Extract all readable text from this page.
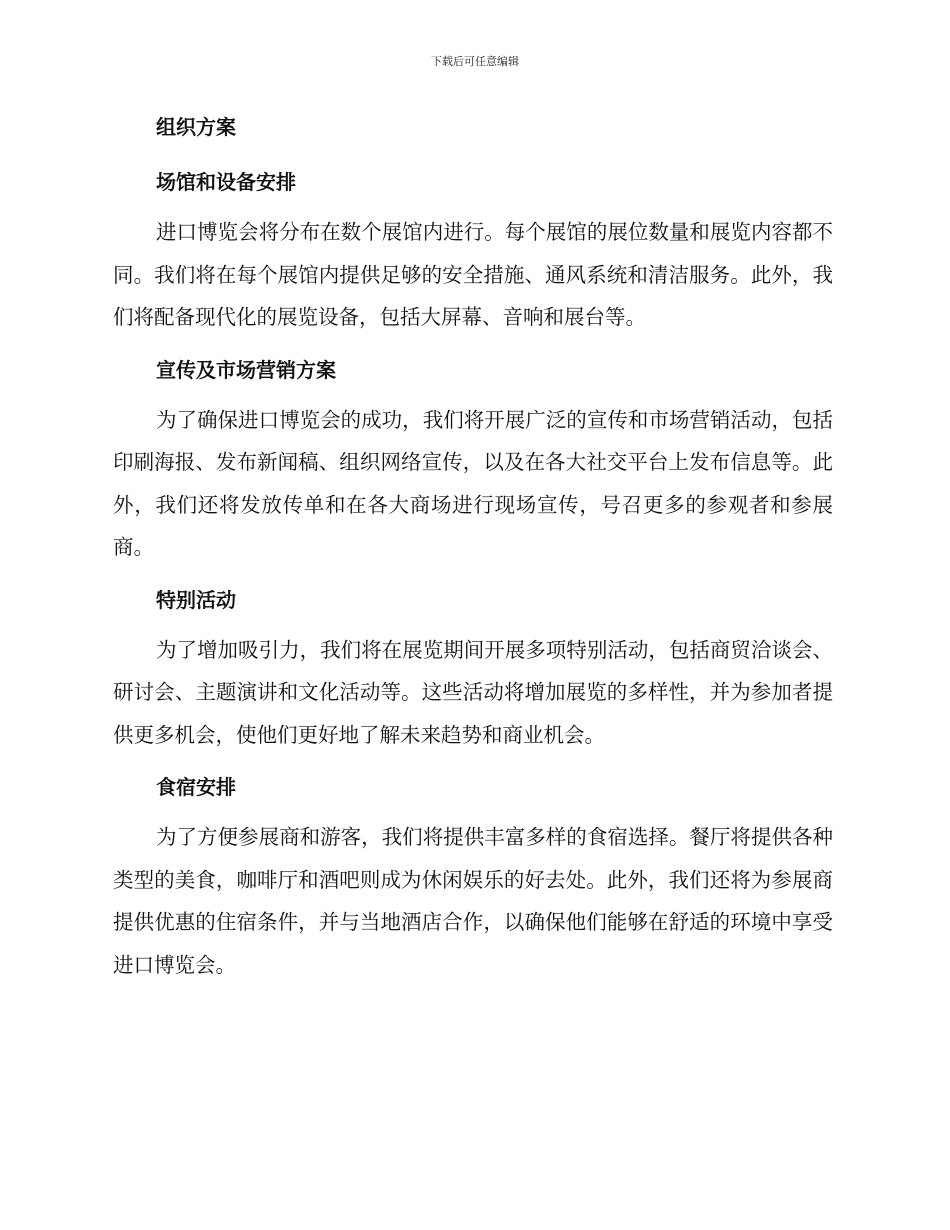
下载后可任意编辑
组织方案
场馆和设备安排

进口博览会将分布在数个展馆内进行。每个展馆的展位数量和展览内容都不同。我们将在每个展馆内提供足够的安全措施、通风系统和清洁服务。此外，我们将配备现代化的展览设备，包括大屏幕、音响和展台等。

宣传及市场营销方案

为了确保进口博览会的成功，我们将开展广泛的宣传和市场营销活动，包括印刷海报、发布新闻稿、组织网络宣传，以及在各大社交平台上发布信息等。此外，我们还将发放传单和在各大商场进行现场宣传，号召更多的参观者和参展商。

特别活动

为了增加吸引力，我们将在展览期间开展多项特别活动，包括商贸洽谈会、研讨会、主题演讲和文化活动等。这些活动将增加展览的多样性，并为参加者提供更多机会，使他们更好地了解未来趋势和商业机会。

食宿安排

为了方便参展商和游客，我们将提供丰富多样的食宿选择。餐厅将提供各种类型的美食，咖啡厅和酒吧则成为休闲娱乐的好去处。此外，我们还将为参展商提供优惠的住宿条件，并与当地酒店合作，以确保他们能够在舒适的环境中享受进口博览会。
